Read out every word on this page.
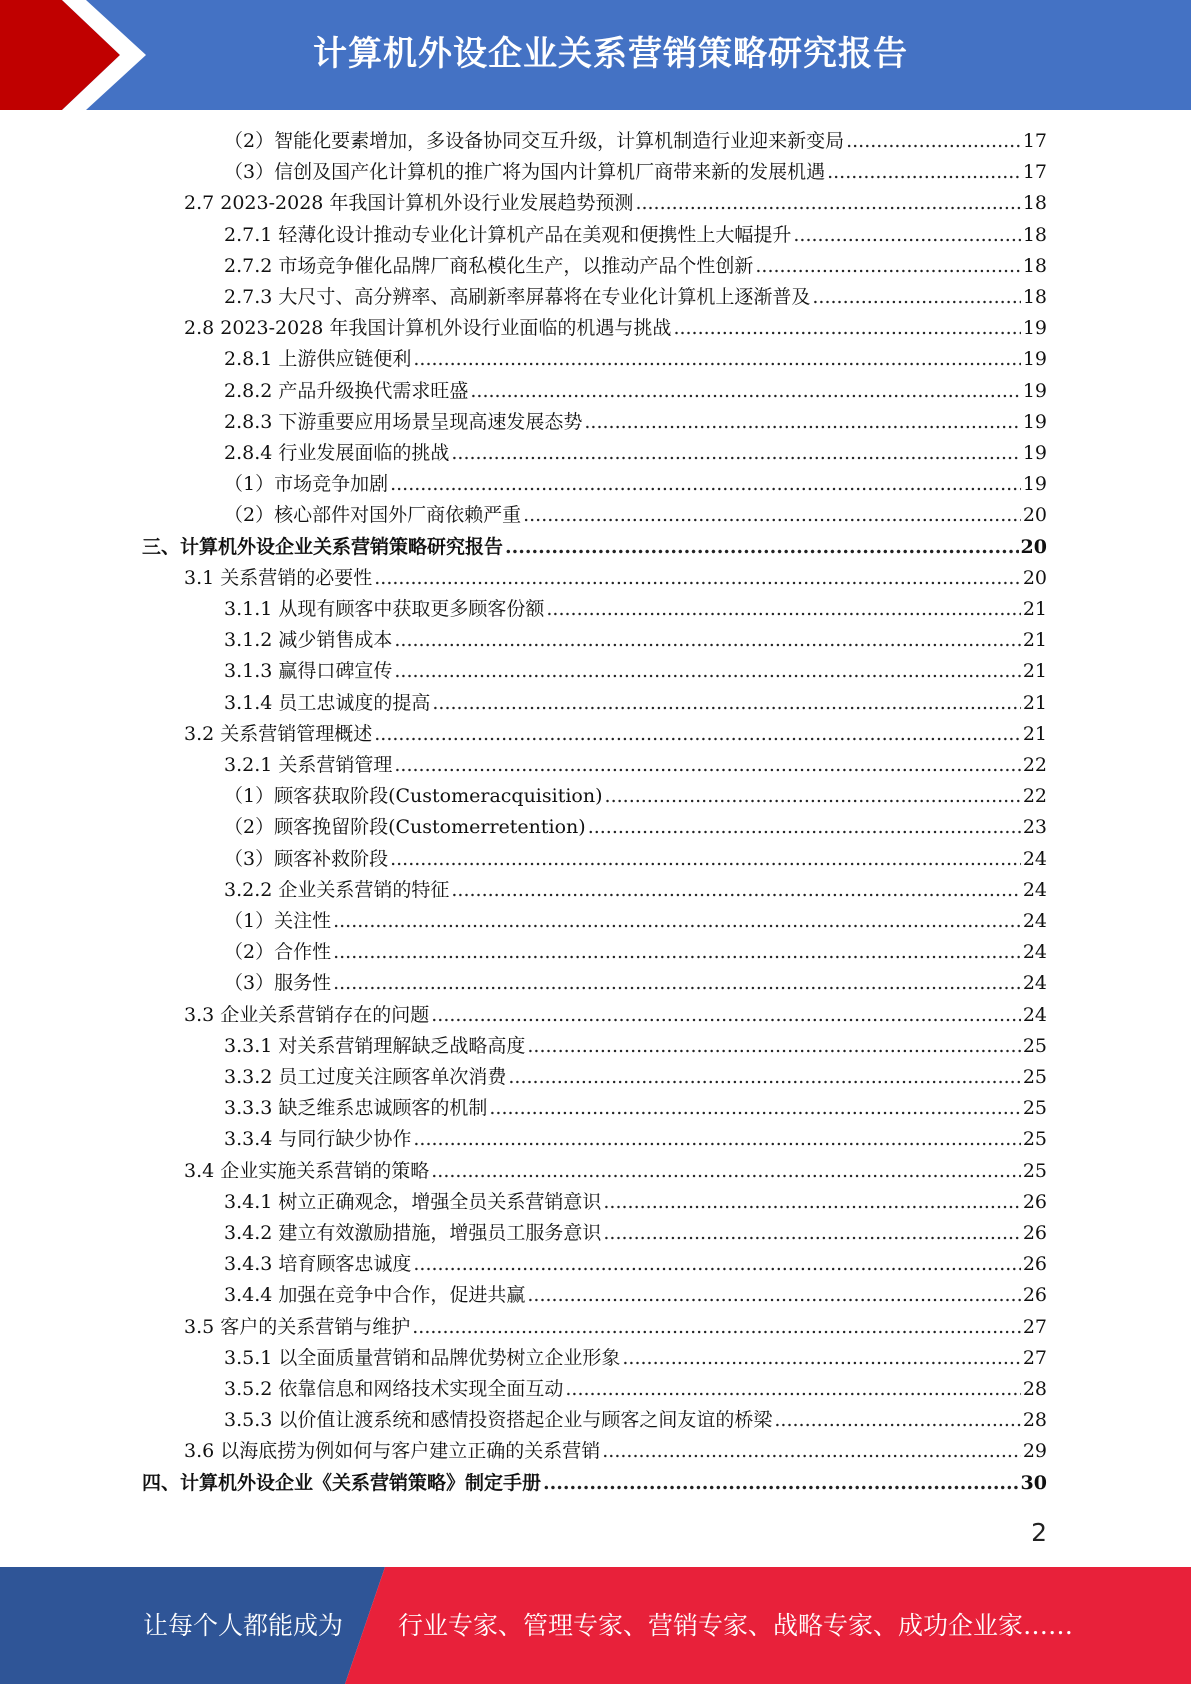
计算机外设企业关系营销策略研究报告
（2）智能化要素增加，多设备协同交互升级，计算机制造行业迎来新变局 .....	17
（3）信创及国产化计算机的推广将为国内计算机厂商带来新的发展机遇 .....	17
2.7 2023-2028 年我国计算机外设行业发展趋势预测 .....	18
2.7.1 轻薄化设计推动专业化计算机产品在美观和便携性上大幅提升 .....	18
2.7.2 市场竞争催化品牌厂商私模化生产，以推动产品个性创新 .....	18
2.7.3 大尺寸、高分辨率、高刷新率屏幕将在专业化计算机上逐渐普及 .....	18
2.8 2023-2028 年我国计算机外设行业面临的机遇与挑战 .....	19
2.8.1 上游供应链便利 .....	19
2.8.2 产品升级换代需求旺盛 .....	19
2.8.3 下游重要应用场景呈现高速发展态势 .....	19
2.8.4 行业发展面临的挑战 .....	19
（1）市场竞争加剧 .....	19
（2）核心部件对国外厂商依赖严重 .....	20
三、计算机外设企业关系营销策略研究报告 .....	20
3.1 关系营销的必要性 .....	20
3.1.1 从现有顾客中获取更多顾客份额 .....	21
3.1.2 减少销售成本 .....	21
3.1.3 赢得口碑宣传 .....	21
3.1.4 员工忠诚度的提高 .....	21
3.2 关系营销管理概述 .....	21
3.2.1 关系营销管理 .....	22
（1）顾客获取阶段(Customeracquisition) .....	22
（2）顾客挽留阶段(Customerretention) .....	23
（3）顾客补救阶段 .....	24
3.2.2 企业关系营销的特征 .....	24
（1）关注性 .....	24
（2）合作性 .....	24
（3）服务性 .....	24
3.3 企业关系营销存在的问题 .....	24
3.3.1 对关系营销理解缺乏战略高度 .....	25
3.3.2 员工过度关注顾客单次消费 .....	25
3.3.3 缺乏维系忠诚顾客的机制 .....	25
3.3.4 与同行缺少协作 .....	25
3.4 企业实施关系营销的策略 .....	25
3.4.1 树立正确观念，增强全员关系营销意识 .....	26
3.4.2 建立有效激励措施，增强员工服务意识 .....	26
3.4.3 培育顾客忠诚度 .....	26
3.4.4 加强在竞争中合作，促进共赢 .....	26
3.5 客户的关系营销与维护 .....	27
3.5.1 以全面质量营销和品牌优势树立企业形象 .....	27
3.5.2 依靠信息和网络技术实现全面互动 .....	28
3.5.3 以价值让渡系统和感情投资搭起企业与顾客之间友谊的桥梁 .....	28
3.6 以海底捞为例如何与客户建立正确的关系营销 .....	29
四、计算机外设企业《关系营销策略》制定手册 .....	30
2
让每个人都能成为 行业专家、管理专家、营销专家、战略专家、成功企业家……
